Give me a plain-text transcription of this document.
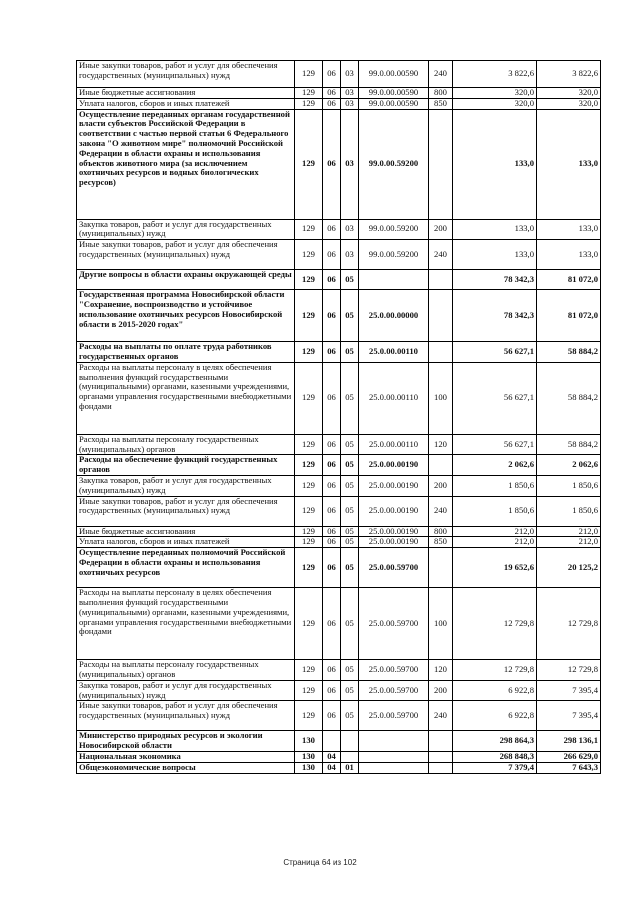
Иные закупки товаров, работ и услуг для обеспечения государственных (муниципальных) нужд	129	06	03	99.0.00.00590	240	3 822,6	3 822,6
Иные бюджетные ассигнования	129	06	03	99.0.00.00590	800	320,0	320,0
Уплата налогов, сборов и иных платежей	129	06	03	99.0.00.00590	850	320,0	320,0
Осуществление переданных органам государственной власти субъектов Российской Федерации в соответствии с частью первой статьи 6 Федерального закона "О животном мире" полномочий Российской Федерации в области охраны и использования объектов животного мира (за исключением охотничьих ресурсов и водных биологических ресурсов)	129	06	03	99.0.00.59200		133,0	133,0
Закупка товаров, работ и услуг для государственных (муниципальных) нужд	129	06	03	99.0.00.59200	200	133,0	133,0
Иные закупки товаров, работ и услуг для обеспечения государственных (муниципальных) нужд	129	06	03	99.0.00.59200	240	133,0	133,0
Другие вопросы в области охраны окружающей среды	129	06	05			78 342,3	81 072,0
Государственная программа Новосибирской области "Сохранение, воспроизводство и устойчивое использование охотничьих ресурсов Новосибирской области в 2015-2020 годах"	129	06	05	25.0.00.00000		78 342,3	81 072,0
Расходы на выплаты по оплате труда работников государственных органов	129	06	05	25.0.00.00110		56 627,1	58 884,2
Расходы на выплаты персоналу в целях обеспечения выполнения функций государственными (муниципальными) органами, казенными учреждениями, органами управления государственными внебюджетными фондами	129	06	05	25.0.00.00110	100	56 627,1	58 884,2
Расходы на выплаты персоналу государственных (муниципальных) органов	129	06	05	25.0.00.00110	120	56 627,1	58 884,2
Расходы на обеспечение функций государственных органов	129	06	05	25.0.00.00190		2 062,6	2 062,6
Закупка товаров, работ и услуг для государственных (муниципальных) нужд	129	06	05	25.0.00.00190	200	1 850,6	1 850,6
Иные закупки товаров, работ и услуг для обеспечения государственных (муниципальных) нужд	129	06	05	25.0.00.00190	240	1 850,6	1 850,6
Иные бюджетные ассигнования	129	06	05	25.0.00.00190	800	212,0	212,0
Уплата налогов, сборов и иных платежей	129	06	05	25.0.00.00190	850	212,0	212,0
Осуществление переданных полномочий Российской Федерации в области охраны и использования охотничьих ресурсов	129	06	05	25.0.00.59700		19 652,6	20 125,2
Расходы на выплаты персоналу в целях обеспечения выполнения функций государственными (муниципальными) органами, казенными учреждениями, органами управления государственными внебюджетными фондами	129	06	05	25.0.00.59700	100	12 729,8	12 729,8
Расходы на выплаты персоналу государственных (муниципальных) органов	129	06	05	25.0.00.59700	120	12 729,8	12 729,8
Закупка товаров, работ и услуг для государственных (муниципальных) нужд	129	06	05	25.0.00.59700	200	6 922,8	7 395,4
Иные закупки товаров, работ и услуг для обеспечения государственных (муниципальных) нужд	129	06	05	25.0.00.59700	240	6 922,8	7 395,4
Министерство природных ресурсов и экологии Новосибирской области	130					298 864,3	298 136,1
Национальная экономика	130	04				268 848,3	266 629,0
Общеэкономические вопросы	130	04	01			7 379,4	7 643,3
Страница 64 из 102
